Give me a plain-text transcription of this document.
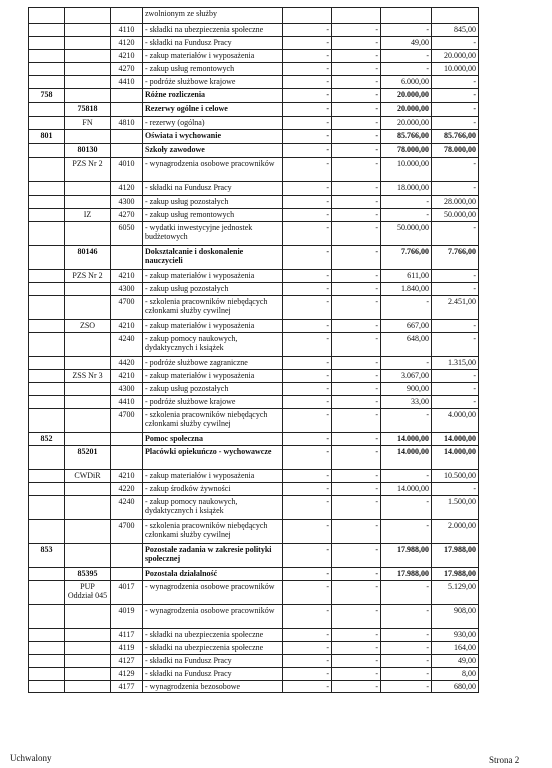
			zwolnionym ze służby				
		4110	- składki na ubezpieczenia społeczne	-	-	-	845,00
		4120	- składki na Fundusz Pracy	-	-	49,00	-
		4210	- zakup materiałów i wyposażenia	-	-	-	20.000,00
		4270	- zakup usług remontowych	-	-	-	10.000,00
		4410	- podróże służbowe krajowe	-	-	6.000,00	-
758			Różne rozliczenia	-	-	20.000,00	-
	75818		Rezerwy ogólne i celowe	-	-	20.000,00	-
	FN	4810	- rezerwy (ogólna)	-	-	20.000,00	-
801			Oświata i wychowanie	-	-	85.766,00	85.766,00
	80130		Szkoły zawodowe	-	-	78.000,00	78.000,00
	PZS Nr 2	4010	- wynagrodzenia osobowe pracowników	-	-	10.000,00	-
		4120	- składki na Fundusz Pracy	-	-	18.000,00	-
		4300	- zakup usług pozostałych	-	-	-	28.000,00
	IZ	4270	- zakup usług remontowych	-	-	-	50.000,00
		6050	- wydatki inwestycyjne jednostek budżetowych	-	-	50.000,00	-
	80146		Dokształcanie i doskonalenie nauczycieli	-	-	7.766,00	7.766,00
	PZS Nr 2	4210	- zakup materiałów i wyposażenia	-	-	611,00	-
		4300	- zakup usług pozostałych	-	-	1.840,00	-
		4700	- szkolenia pracowników niebędących członkami służby cywilnej	-	-	-	2.451,00
	ZSO	4210	- zakup materiałów i wyposażenia	-	-	667,00	-
		4240	- zakup pomocy naukowych, dydaktycznych i książek	-	-	648,00	-
		4420	- podróże służbowe zagraniczne	-	-	-	1.315,00
	ZSS Nr 3	4210	- zakup materiałów i wyposażenia	-	-	3.067,00	-
		4300	- zakup usług pozostałych	-	-	900,00	-
		4410	- podróże służbowe krajowe	-	-	33,00	-
		4700	- szkolenia pracowników niebędących członkami służby cywilnej	-	-	-	4.000,00
852			Pomoc społeczna	-	-	14.000,00	14.000,00
	85201		Placówki opiekuńczo - wychowawcze	-	-	14.000,00	14.000,00
	CWDiR	4210	- zakup materiałów i wyposażenia	-	-	-	10.500,00
		4220	- zakup środków żywności	-	-	14.000,00	-
		4240	- zakup pomocy naukowych, dydaktycznych i książek	-	-	-	1.500,00
		4700	- szkolenia pracowników niebędących członkami służby cywilnej	-	-	-	2.000,00
853			Pozostałe zadania w zakresie polityki społecznej	-	-	17.988,00	17.988,00
	85395		Pozostała działalność	-	-	17.988,00	17.988,00
	PUP Oddział 045	4017	- wynagrodzenia osobowe pracowników	-	-	-	5.129,00
		4019	- wynagrodzenia osobowe pracowników	-	-	-	908,00
		4117	- składki na ubezpieczenia społeczne	-	-	-	930,00
		4119	- składki na ubezpieczenia społeczne	-	-	-	164,00
		4127	- składki na Fundusz Pracy	-	-	-	49,00
		4129	- składki na Fundusz Pracy	-	-	-	8,00
		4177	- wynagrodzenia bezosobowe	-	-	-	680,00
Uchwalony	Strona 2
